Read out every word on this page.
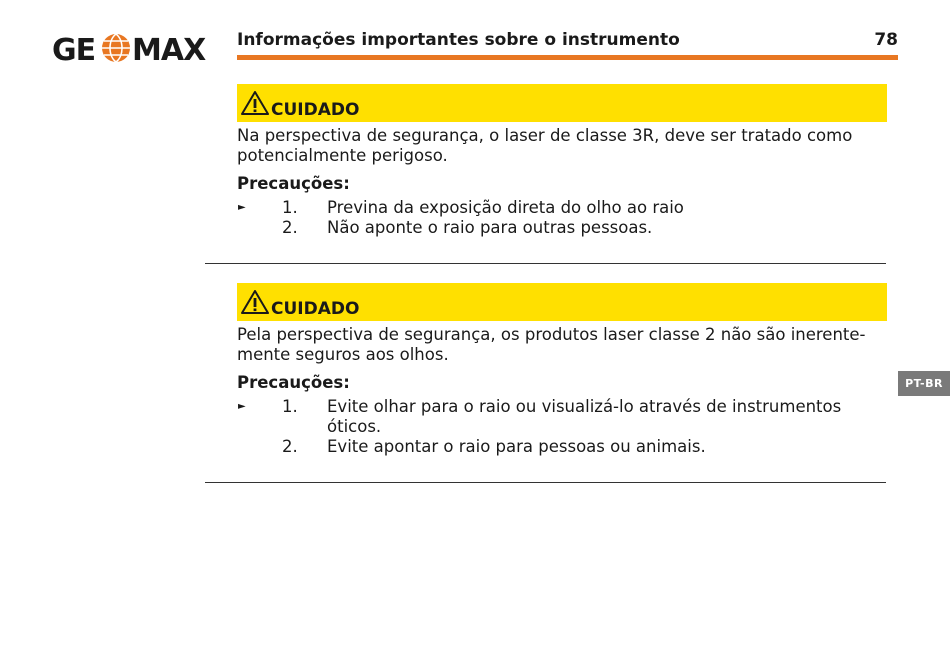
GE MAX Informações importantes sobre o instrumento	78
CUIDADO
Na perspectiva de segurança, o laser de classe 3R, deve ser tratado como potencialmente perigoso.
Precauções:
►	1.	Previna da exposição direta do olho ao raio
2.	Não aponte o raio para outras pessoas.
CUIDADO
Pela perspectiva de segurança, os produtos laser classe 2 não são inerente-mente seguros aos olhos.
Precauções:
►	1.	Evite olhar para o raio ou visualizá-lo através de instrumentos óticos.
2.	Evite apontar o raio para pessoas ou animais.
PT-BR
